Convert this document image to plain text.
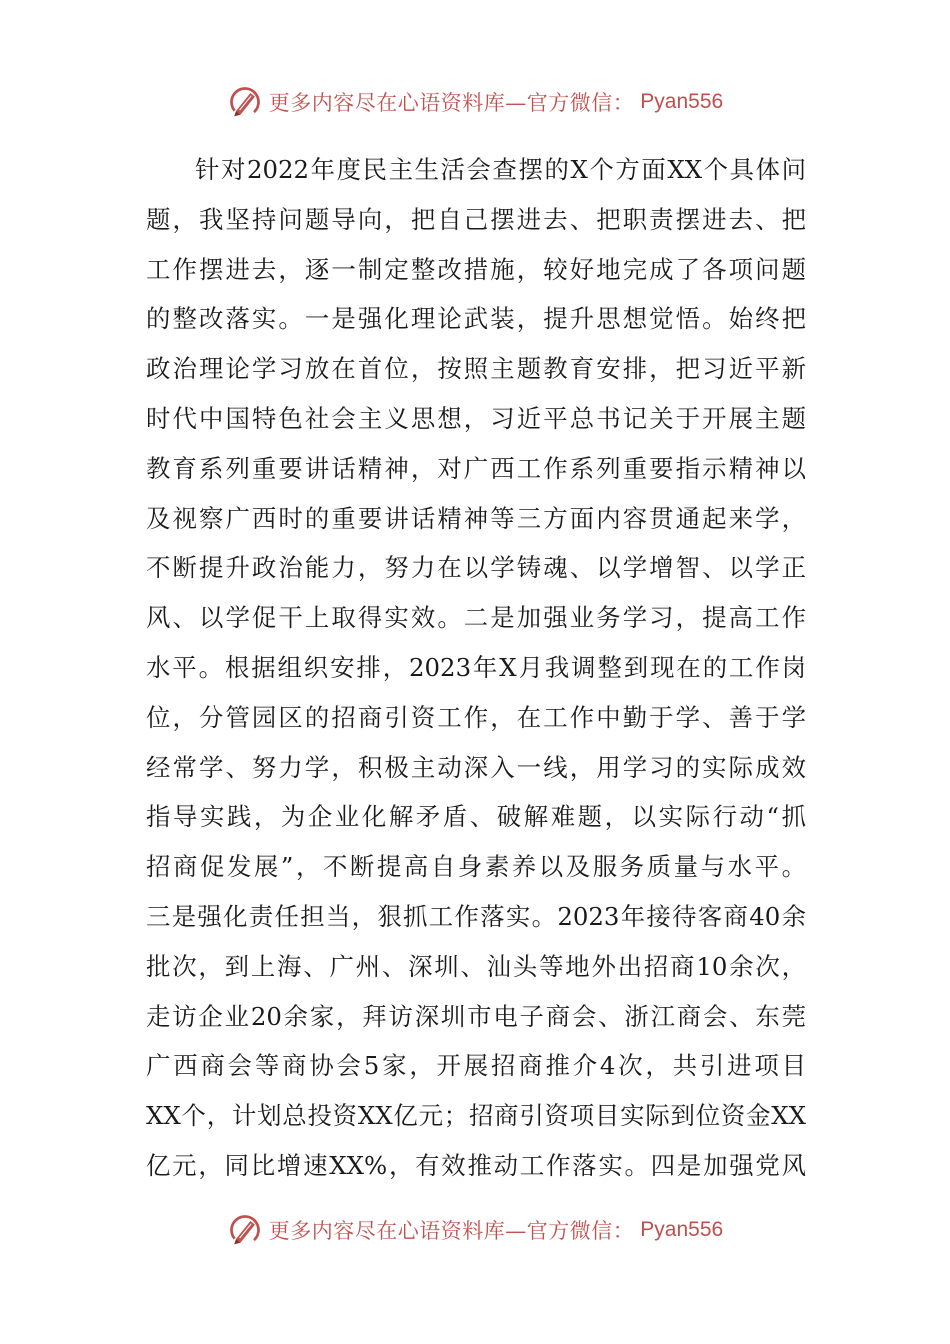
更多内容尽在心语资料库—官方微信： Pyan556
针对2022年度民主生活会查摆的X个方面XX个具体问
题，我坚持问题导向，把自己摆进去、把职责摆进去、把
工作摆进去，逐一制定整改措施，较好地完成了各项问题
的整改落实。一是强化理论武装，提升思想觉悟。始终把
政治理论学习放在首位，按照主题教育安排，把习近平新
时代中国特色社会主义思想，习近平总书记关于开展主题
教育系列重要讲话精神，对广西工作系列重要指示精神以
及视察广西时的重要讲话精神等三方面内容贯通起来学，
不断提升政治能力，努力在以学铸魂、以学增智、以学正
风、以学促干上取得实效。二是加强业务学习，提高工作
水平。根据组织安排，2023年X月我调整到现在的工作岗
位，分管园区的招商引资工作，在工作中勤于学、善于学
经常学、努力学，积极主动深入一线，用学习的实际成效
指导实践，为企业化解矛盾、破解难题，以实际行动“抓
招商促发展”，不断提高自身素养以及服务质量与水平。
三是强化责任担当，狠抓工作落实。2023年接待客商40余
批次，到上海、广州、深圳、汕头等地外出招商10余次，
走访企业20余家，拜访深圳市电子商会、浙江商会、东莞
广西商会等商协会5家，开展招商推介4次，共引进项目
XX个，计划总投资XX亿元；招商引资项目实际到位资金XX
亿元，同比增速XX%，有效推动工作落实。四是加强党风
更多内容尽在心语资料库—官方微信： Pyan556
